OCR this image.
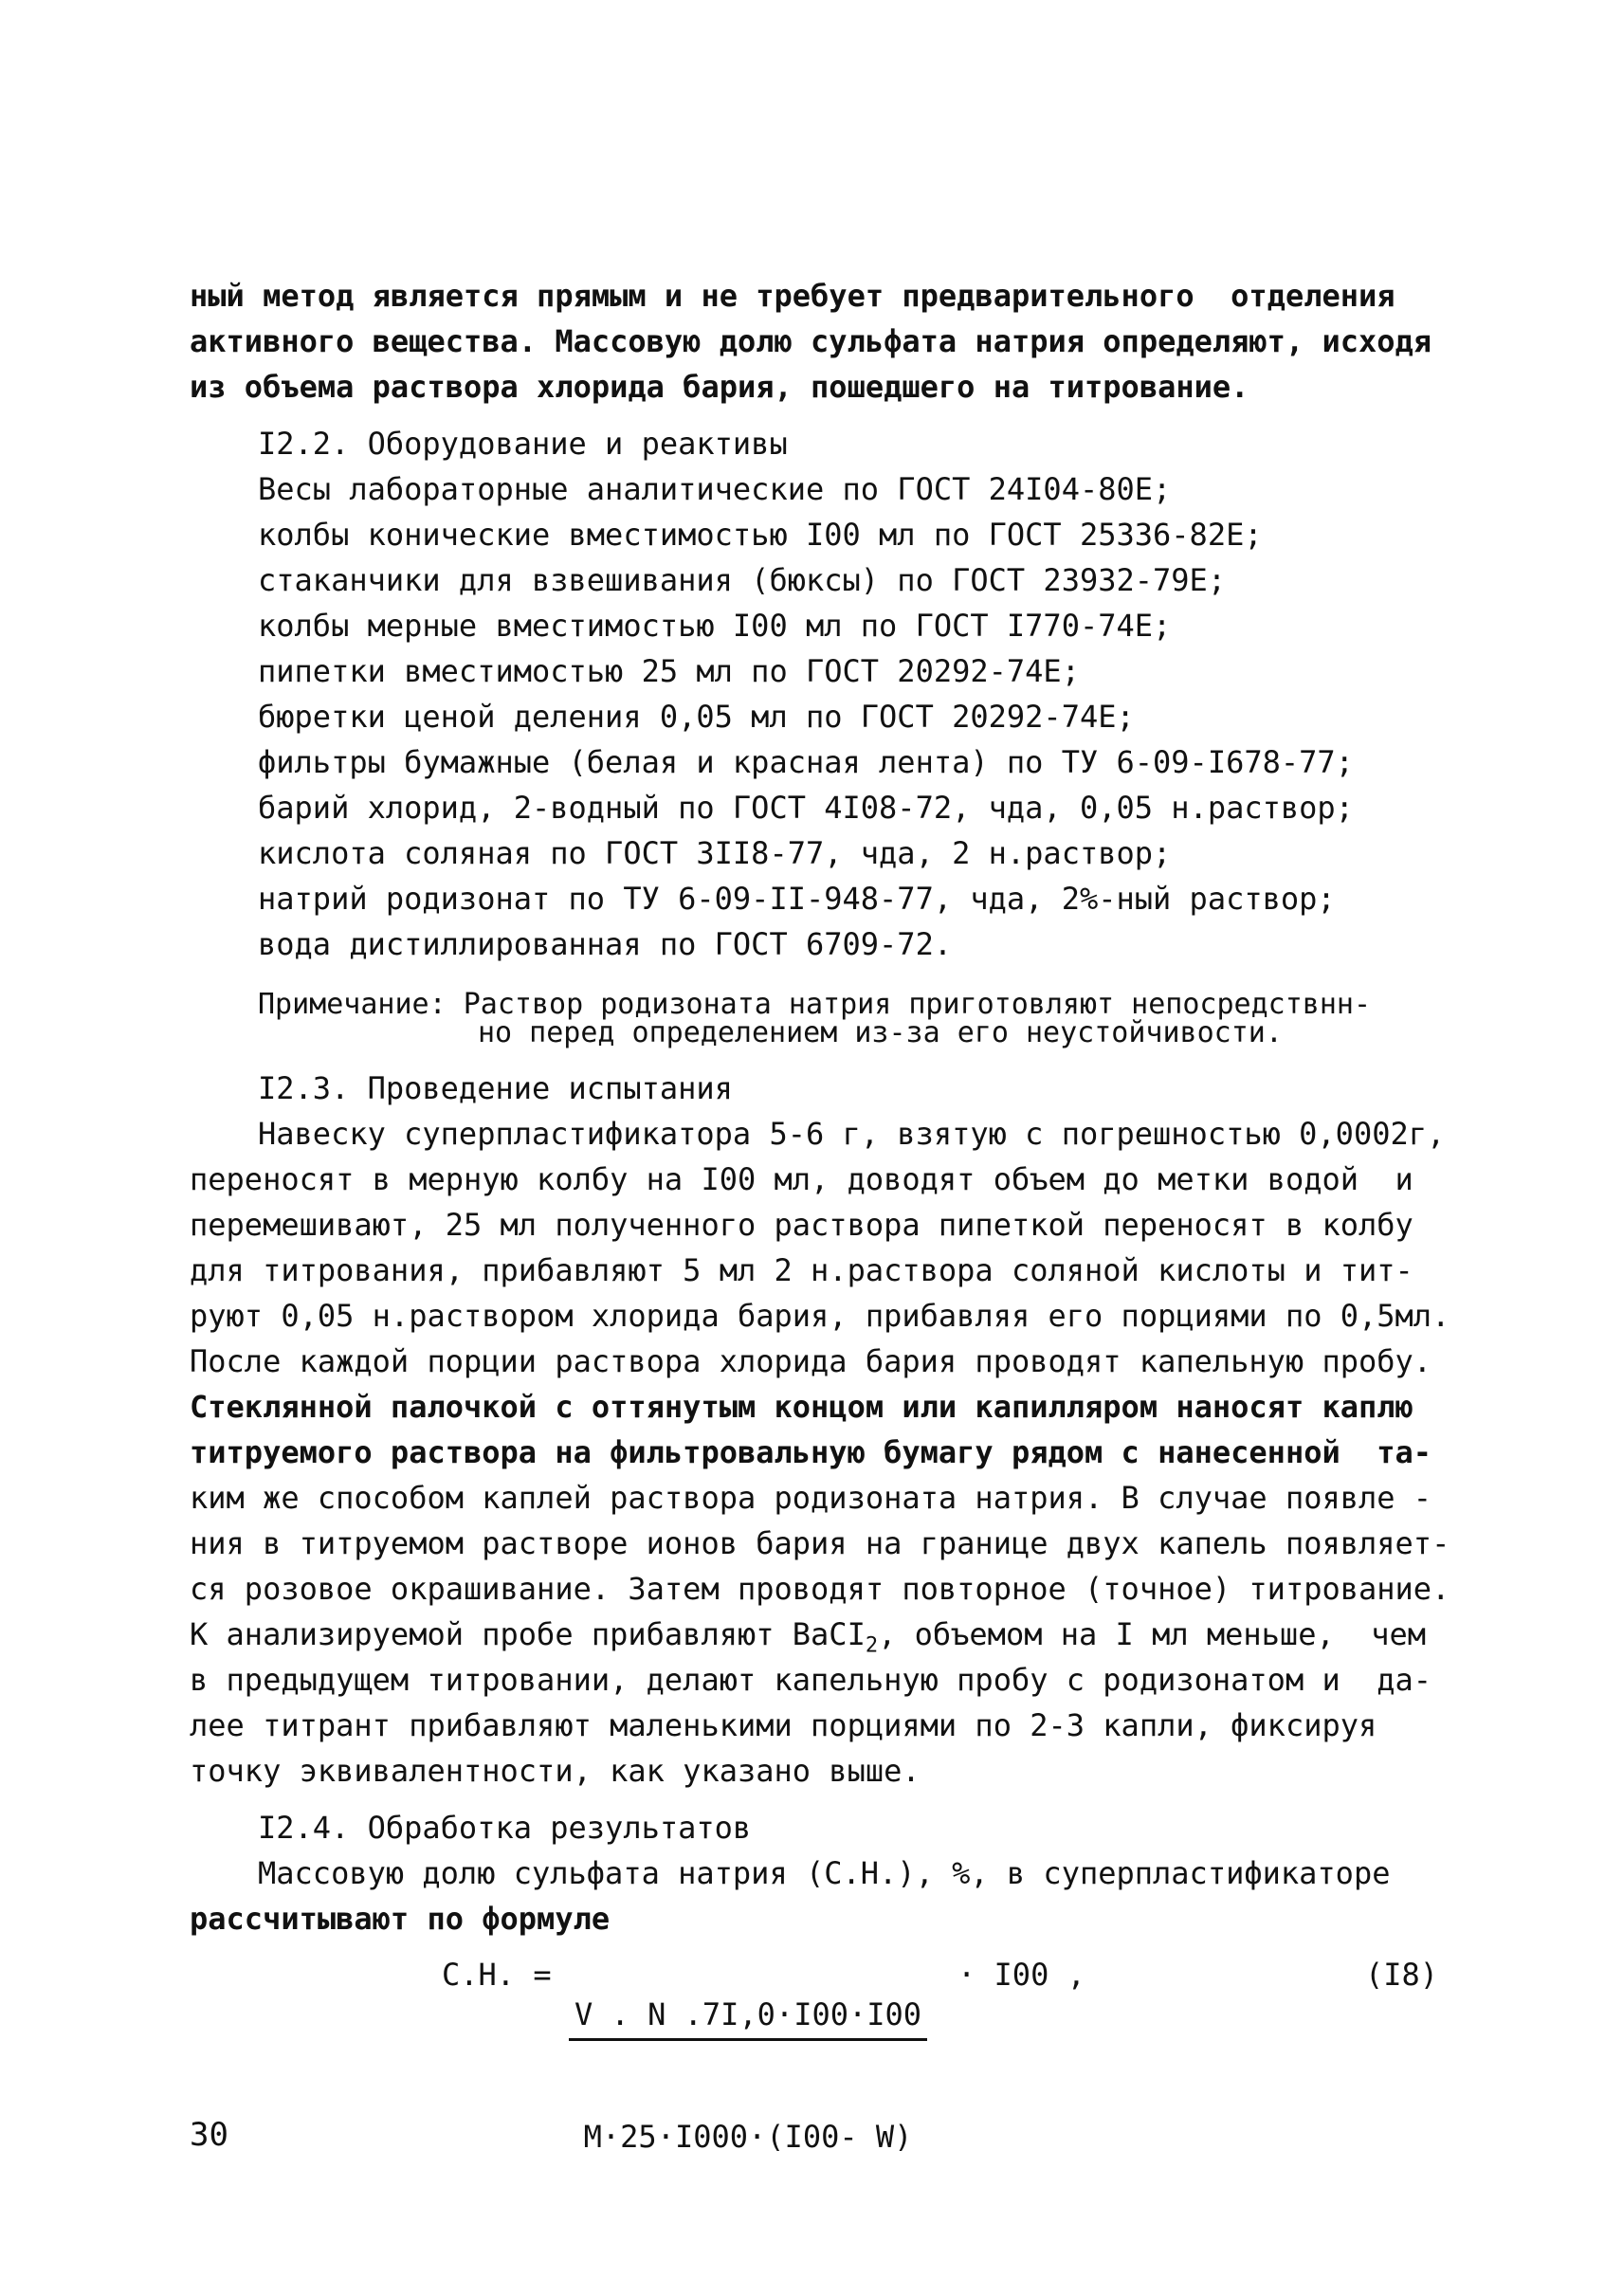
ный метод является прямым и не требует предварительного  отделения
активного вещества. Массовую долю сульфата натрия определяют, исходя
из объема раствора хлорида бария, пошедшего на титрование.
I2.2. Оборудование и реактивы
Весы лабораторные аналитические по ГОСТ 24I04-80Е;
колбы конические вместимостью I00 мл по ГОСТ 25336-82Е;
стаканчики для взвешивания (бюксы) по ГОСТ 23932-79Е;
колбы мерные вместимостью I00 мл по ГОСТ I770-74Е;
пипетки вместимостью 25 мл по ГОСТ 20292-74Е;
бюретки ценой деления 0,05 мл по ГОСТ 20292-74Е;
фильтры бумажные (белая и красная лента) по ТУ 6-09-I678-77;
барий хлорид, 2-водный по ГОСТ 4I08-72, чда, 0,05 н.раствор;
кислота соляная по ГОСТ 3II8-77, чда, 2 н.раствор;
натрий родизонат по ТУ 6-09-II-948-77, чда, 2%-ный раствор;
вода дистиллированная по ГОСТ 6709-72.
Примечание: Раствор родизоната натрия приготовляют непосредствнн-
но перед определением из-за его неустойчивости.
I2.3. Проведение испытания
Навеску суперпластификатора 5-6 г, взятую с погрешностью 0,0002г,
переносят в мерную колбу на I00 мл, доводят объем до метки водой  и
перемешивают, 25 мл полученного раствора пипеткой переносят в колбу
для титрования, прибавляют 5 мл 2 н.раствора соляной кислоты и тит-
руют 0,05 н.раствором хлорида бария, прибавляя его порциями по 0,5мл.
После каждой порции раствора хлорида бария проводят капельную пробу.
Стеклянной палочкой с оттянутым концом или капилляром наносят каплю
титруемого раствора на фильтровальную бумагу рядом с нанесенной  та-
ким же способом каплей раствора родизоната натрия. В случае появле -
ния в титруемом растворе ионов бария на границе двух капель появляет-
ся розовое окрашивание. Затем проводят повторное (точное) титрование.
К анализируемой пробе прибавляют ВаСI$_2$, объемом на I мл меньше,  чем
в предыдущем титровании, делают капельную пробу с родизонатом и  да-
лее титрант прибавляют маленькими порциями по 2-3 капли, фиксируя
точку эквивалентности, как указано выше.
I2.4. Обработка результатов
Массовую долю сульфата натрия (С.Н.), %, в суперпластификаторе
рассчитывают по формуле
С.Н. =

V . N .7I,0·I00·I00

М·25·I000·(I00- W)

· I00 ,	(I8)
30
